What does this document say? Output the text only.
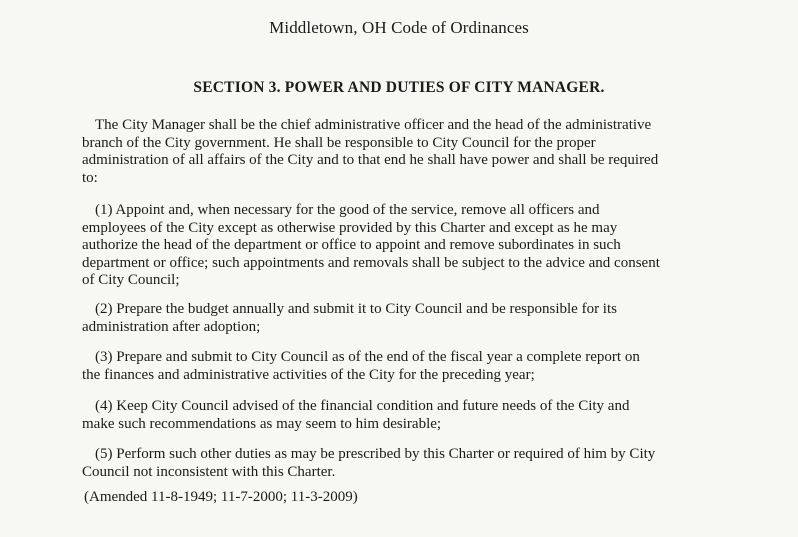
Middletown, OH Code of Ordinances
SECTION 3. POWER AND DUTIES OF CITY MANAGER.
The City Manager shall be the chief administrative officer and the head of the administrative
branch of the City government. He shall be responsible to City Council for the proper
administration of all affairs of the City and to that end he shall have power and shall be required
to:
(1) Appoint and, when necessary for the good of the service, remove all officers and
employees of the City except as otherwise provided by this Charter and except as he may
authorize the head of the department or office to appoint and remove subordinates in such
department or office; such appointments and removals shall be subject to the advice and consent
of City Council;
(2) Prepare the budget annually and submit it to City Council and be responsible for its
administration after adoption;
(3) Prepare and submit to City Council as of the end of the fiscal year a complete report on
the finances and administrative activities of the City for the preceding year;
(4) Keep City Council advised of the financial condition and future needs of the City and
make such recommendations as may seem to him desirable;
(5) Perform such other duties as may be prescribed by this Charter or required of him by City
Council not inconsistent with this Charter.
(Amended 11-8-1949; 11-7-2000; 11-3-2009)
